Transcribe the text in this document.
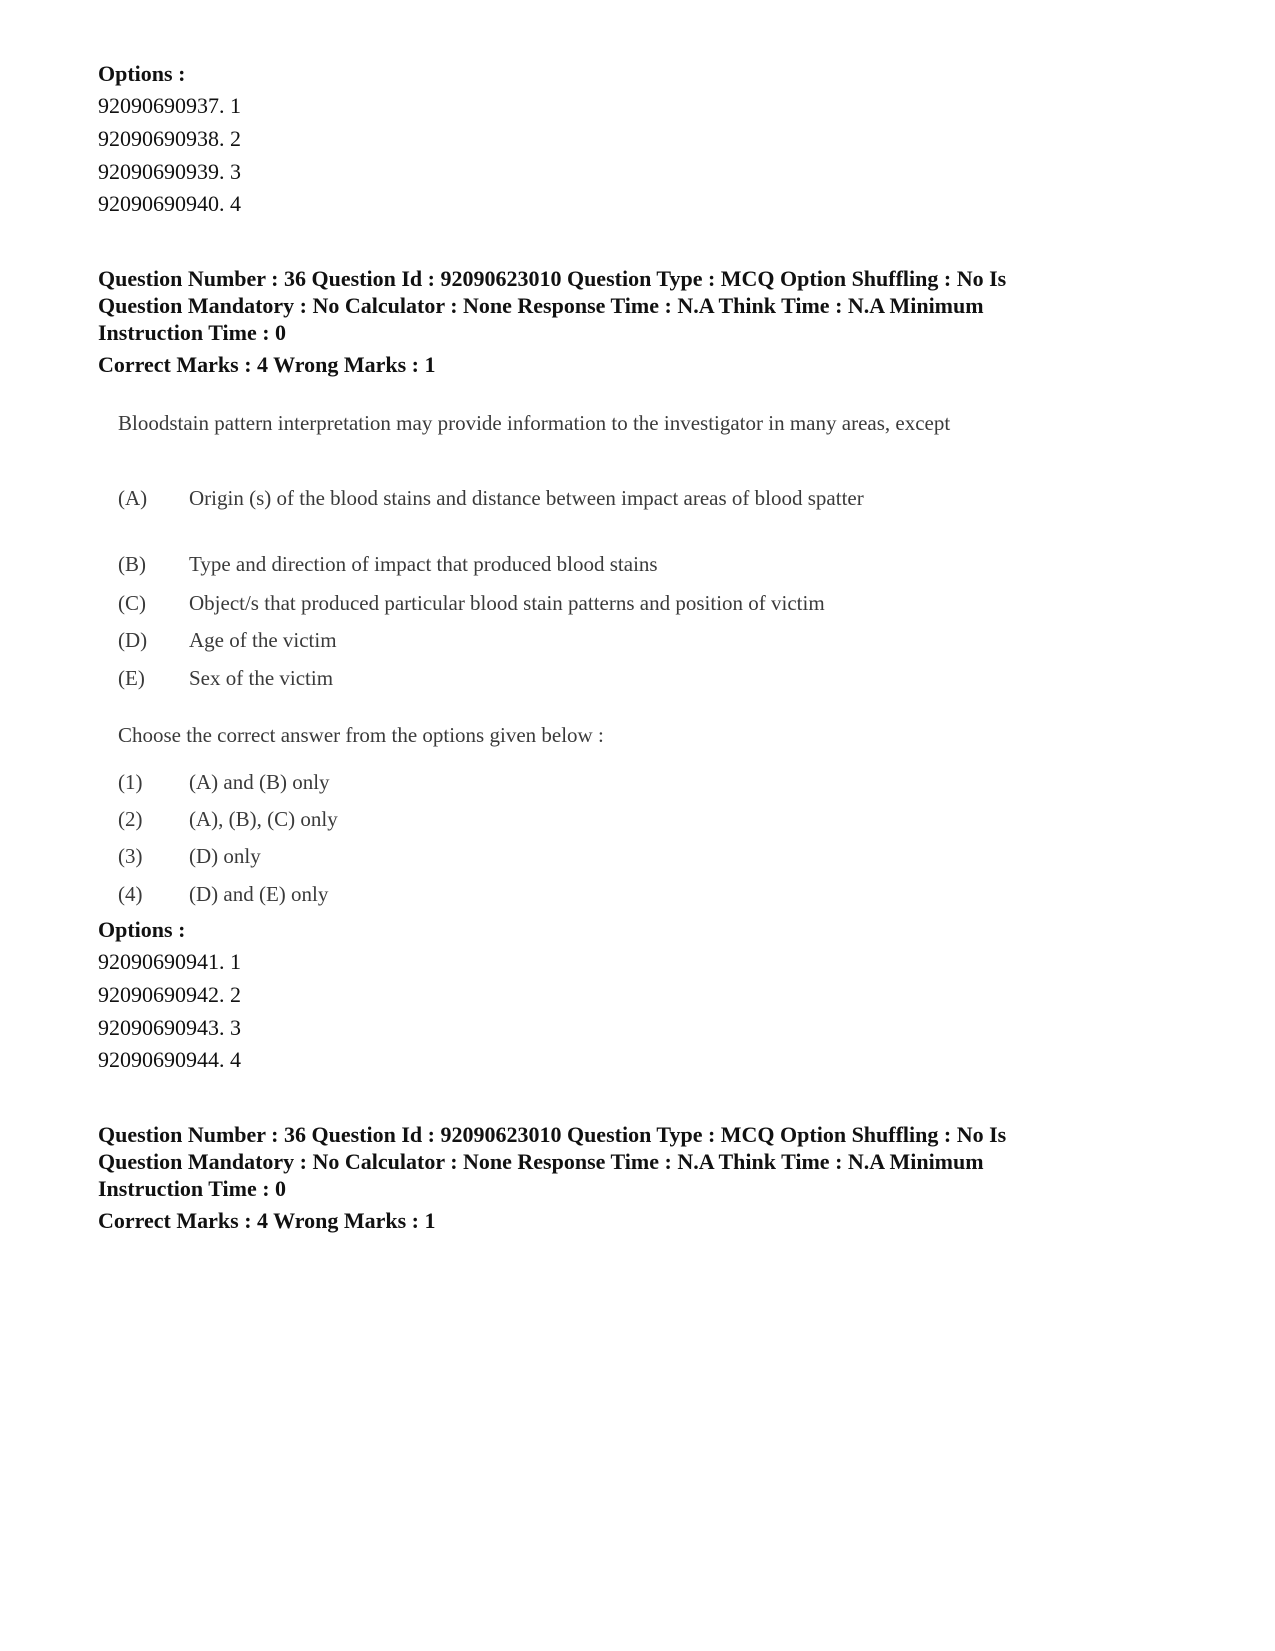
Options :
92090690937. 1
92090690938. 2
92090690939. 3
92090690940. 4
Question Number : 36 Question Id : 92090623010 Question Type : MCQ Option Shuffling : No Is
Question Mandatory : No Calculator : None Response Time : N.A Think Time : N.A Minimum
Instruction Time : 0
Correct Marks : 4 Wrong Marks : 1

Bloodstain pattern interpretation may provide information to the investigator in many areas, except

(A)	Origin (s) of the blood stains and distance between impact areas of blood spatter
(B)	Type and direction of impact that produced blood stains
(C)	Object/s that produced particular blood stain patterns and position of victim
(D)	Age of the victim
(E)	Sex of the victim
Choose the correct answer from the options given below :
(1)	(A) and (B) only
(2)	(A), (B), (C) only
(3)	(D) only
(4)	(D) and (E) only
Options :
92090690941. 1
92090690942. 2
92090690943. 3
92090690944. 4
Question Number : 36 Question Id : 92090623010 Question Type : MCQ Option Shuffling : No Is
Question Mandatory : No Calculator : None Response Time : N.A Think Time : N.A Minimum
Instruction Time : 0
Correct Marks : 4 Wrong Marks : 1
